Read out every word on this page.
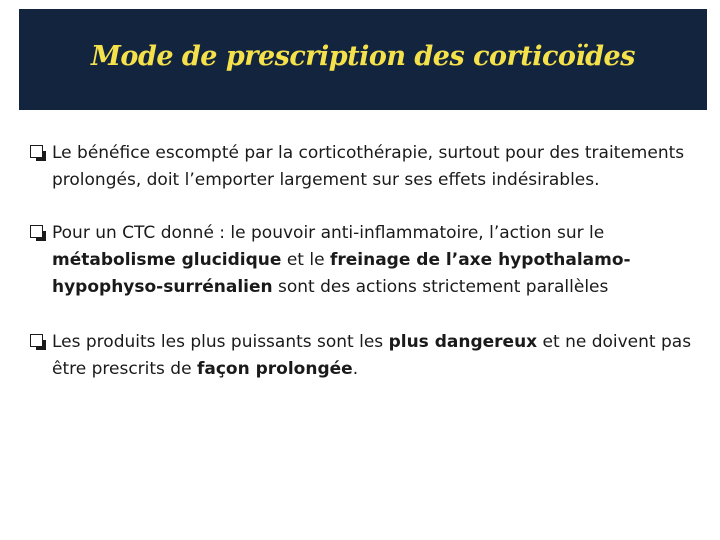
Mode de prescription des corticoïdes
Le bénéfice escompté par la corticothérapie, surtout pour des traitements prolongés, doit l’emporter largement sur ses effets indésirables.
Pour un CTC donné : le pouvoir anti-inflammatoire, l’action sur le métabolisme glucidique et le freinage de l’axe hypothalamo-hypophyso-surrénalien sont des actions strictement parallèles
Les produits les plus puissants sont les plus dangereux et ne doivent pas être prescrits de façon prolongée.
